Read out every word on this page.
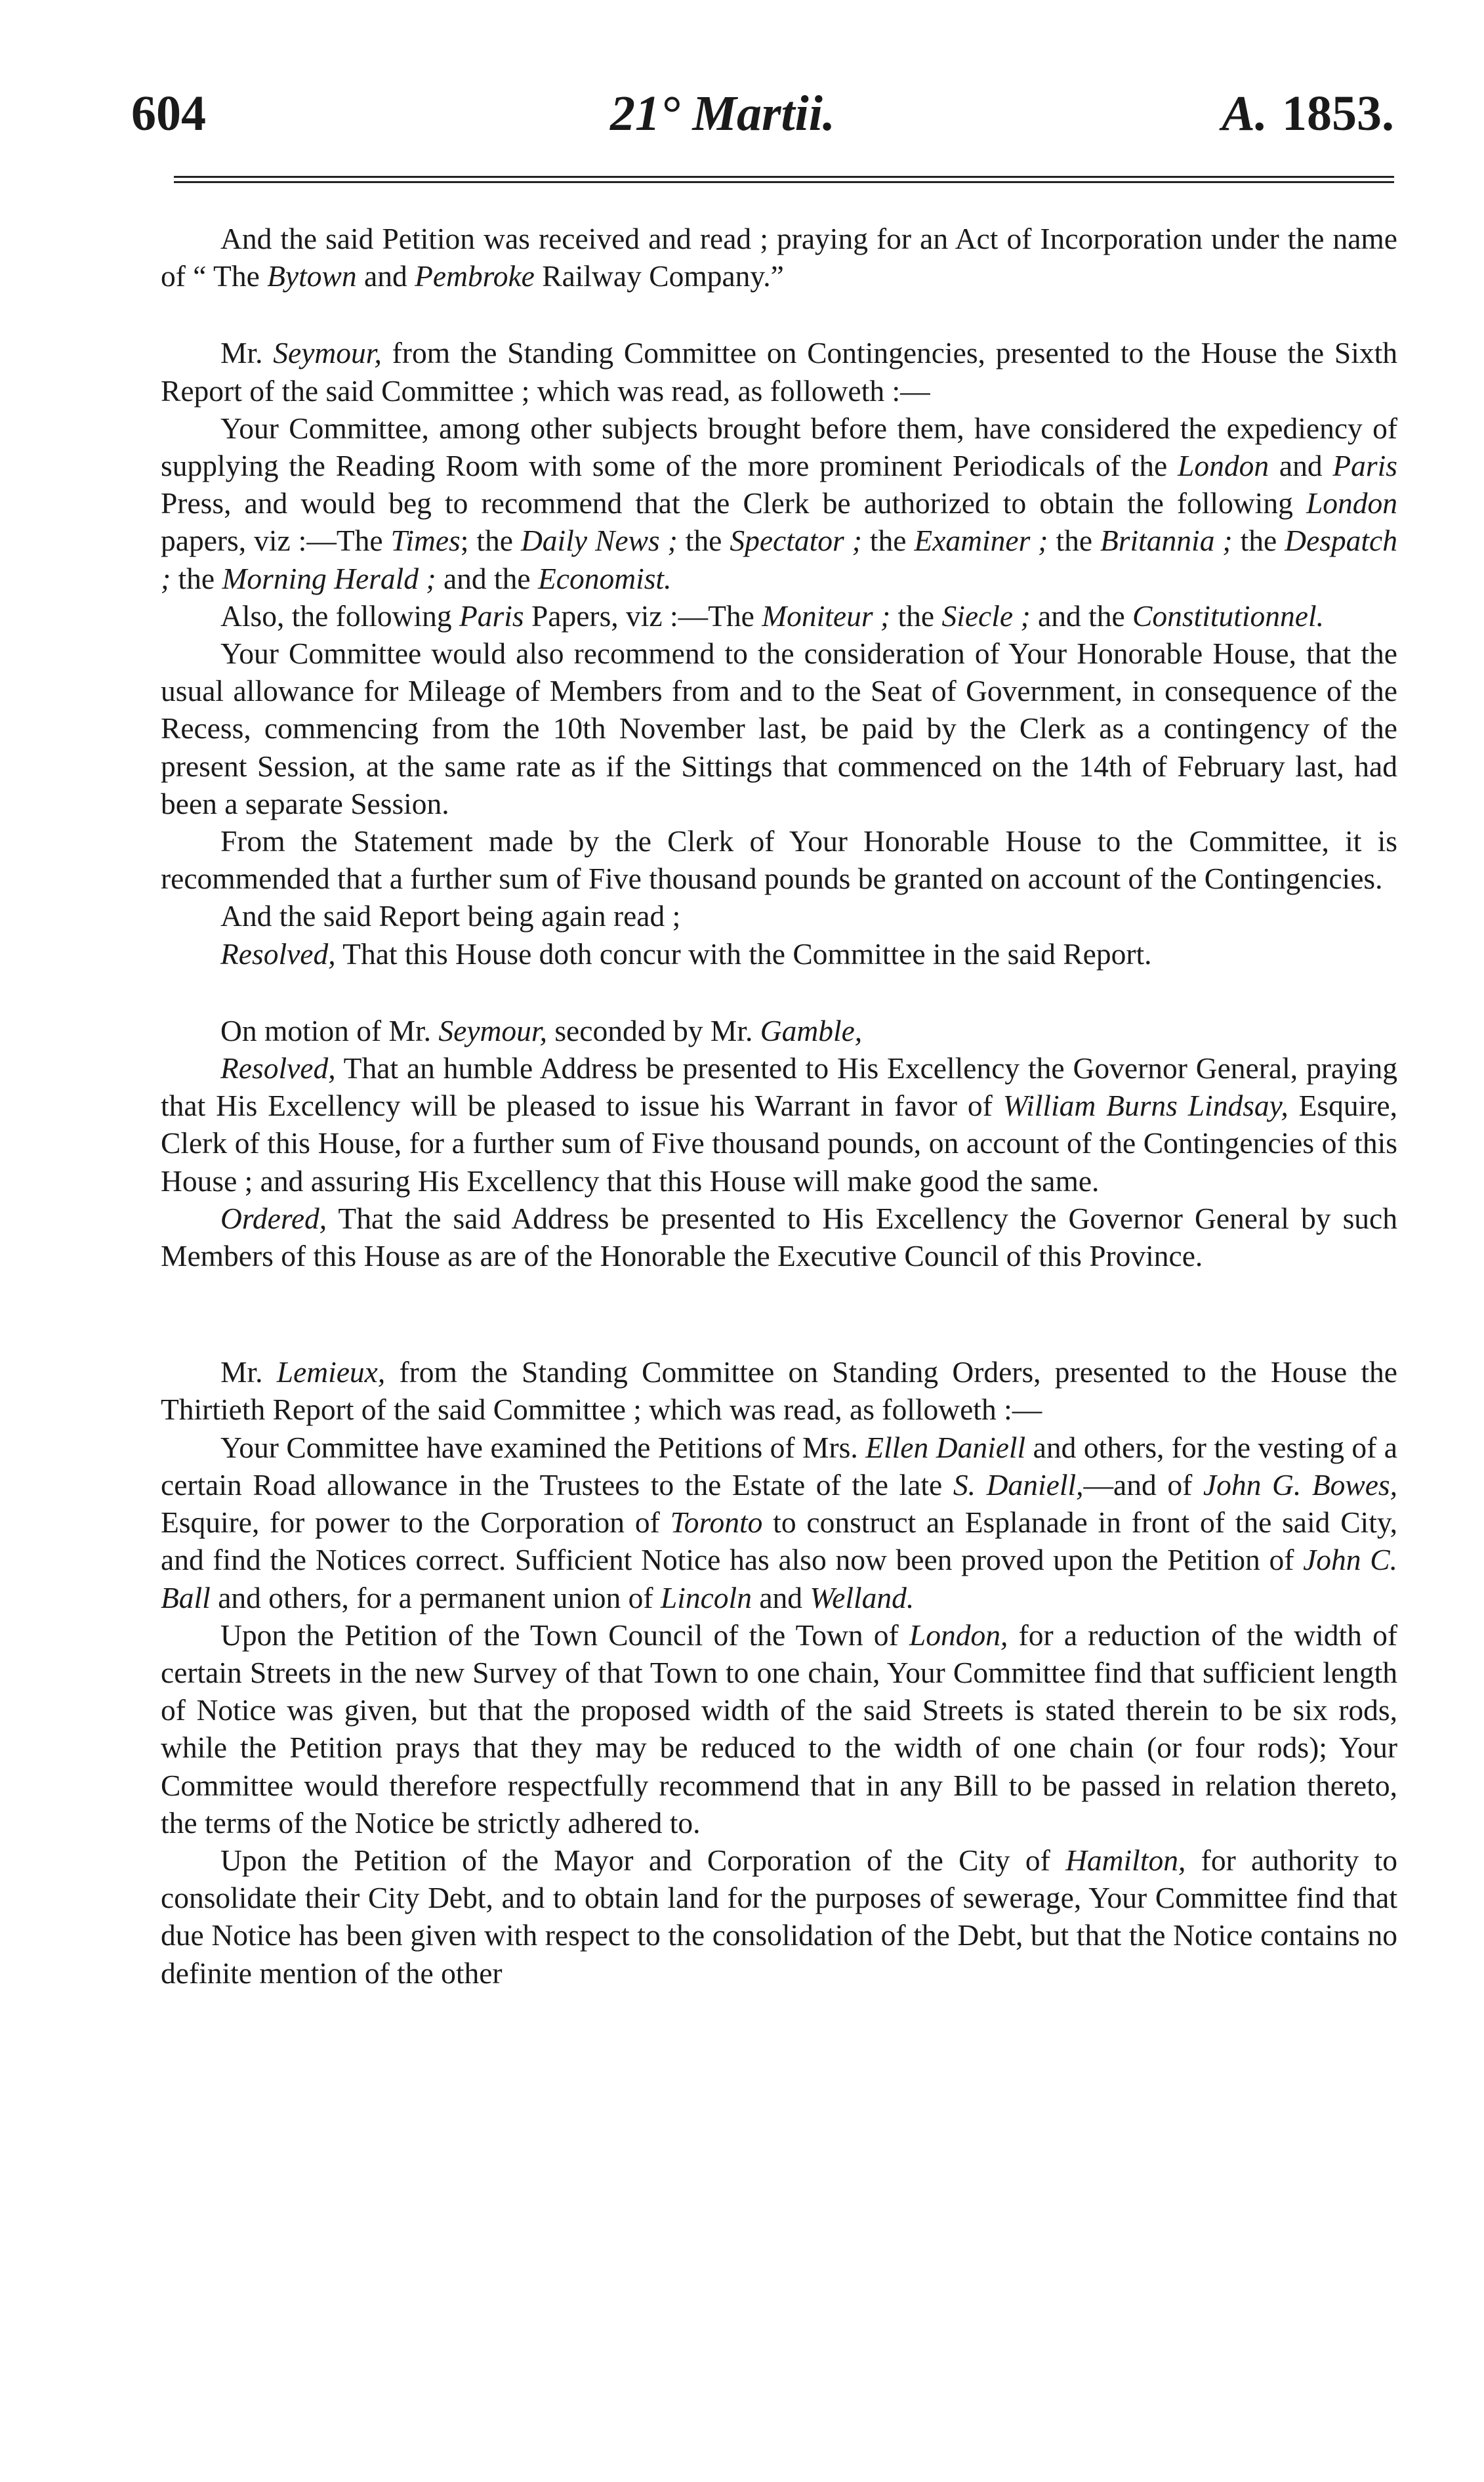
604	21° Martii.	A. 1853.

And the said Petition was received and read ; praying for an Act of Incorporation under the name of “ The Bytown and Pembroke Railway Company.”

Mr. Seymour, from the Standing Committee on Contingencies, presented to the House the Sixth Report of the said Committee ; which was read, as followeth :—

Your Committee, among other subjects brought before them, have considered the expediency of supplying the Reading Room with some of the more prominent Periodicals of the London and Paris Press, and would beg to recommend that the Clerk be authorized to obtain the following London papers, viz :—The Times; the Daily News ; the Spectator ; the Examiner ; the Britannia ; the Despatch ; the Morning Herald ; and the Economist.

Also, the following Paris Papers, viz :—The Moniteur ; the Siecle ; and the Constitutionnel.

Your Committee would also recommend to the consideration of Your Honorable House, that the usual allowance for Mileage of Members from and to the Seat of Government, in consequence of the Recess, commencing from the 10th November last, be paid by the Clerk as a contingency of the present Session, at the same rate as if the Sittings that commenced on the 14th of February last, had been a separate Session.

From the Statement made by the Clerk of Your Honorable House to the Committee, it is recommended that a further sum of Five thousand pounds be granted on account of the Contingencies.

And the said Report being again read ;

Resolved, That this House doth concur with the Committee in the said Report.

On motion of Mr. Seymour, seconded by Mr. Gamble,

Resolved, That an humble Address be presented to His Excellency the Governor General, praying that His Excellency will be pleased to issue his Warrant in favor of William Burns Lindsay, Esquire, Clerk of this House, for a further sum of Five thousand pounds, on account of the Contingencies of this House ; and assuring His Excellency that this House will make good the same.

Ordered, That the said Address be presented to His Excellency the Governor General by such Members of this House as are of the Honorable the Executive Council of this Province.

Mr. Lemieux, from the Standing Committee on Standing Orders, presented to the House the Thirtieth Report of the said Committee ; which was read, as followeth :—

Your Committee have examined the Petitions of Mrs. Ellen Daniell and others, for the vesting of a certain Road allowance in the Trustees to the Estate of the late S. Daniell,—and of John G. Bowes, Esquire, for power to the Corporation of Toronto to construct an Esplanade in front of the said City, and find the Notices correct. Sufficient Notice has also now been proved upon the Petition of John C. Ball and others, for a permanent union of Lincoln and Welland.

Upon the Petition of the Town Council of the Town of London, for a reduction of the width of certain Streets in the new Survey of that Town to one chain, Your Committee find that sufficient length of Notice was given, but that the proposed width of the said Streets is stated therein to be six rods, while the Petition prays that they may be reduced to the width of one chain (or four rods); Your Committee would therefore respectfully recommend that in any Bill to be passed in relation thereto, the terms of the Notice be strictly adhered to.

Upon the Petition of the Mayor and Corporation of the City of Hamilton, for authority to consolidate their City Debt, and to obtain land for the purposes of sewerage, Your Committee find that due Notice has been given with respect to the consolidation of the Debt, but that the Notice contains no definite mention of the other
